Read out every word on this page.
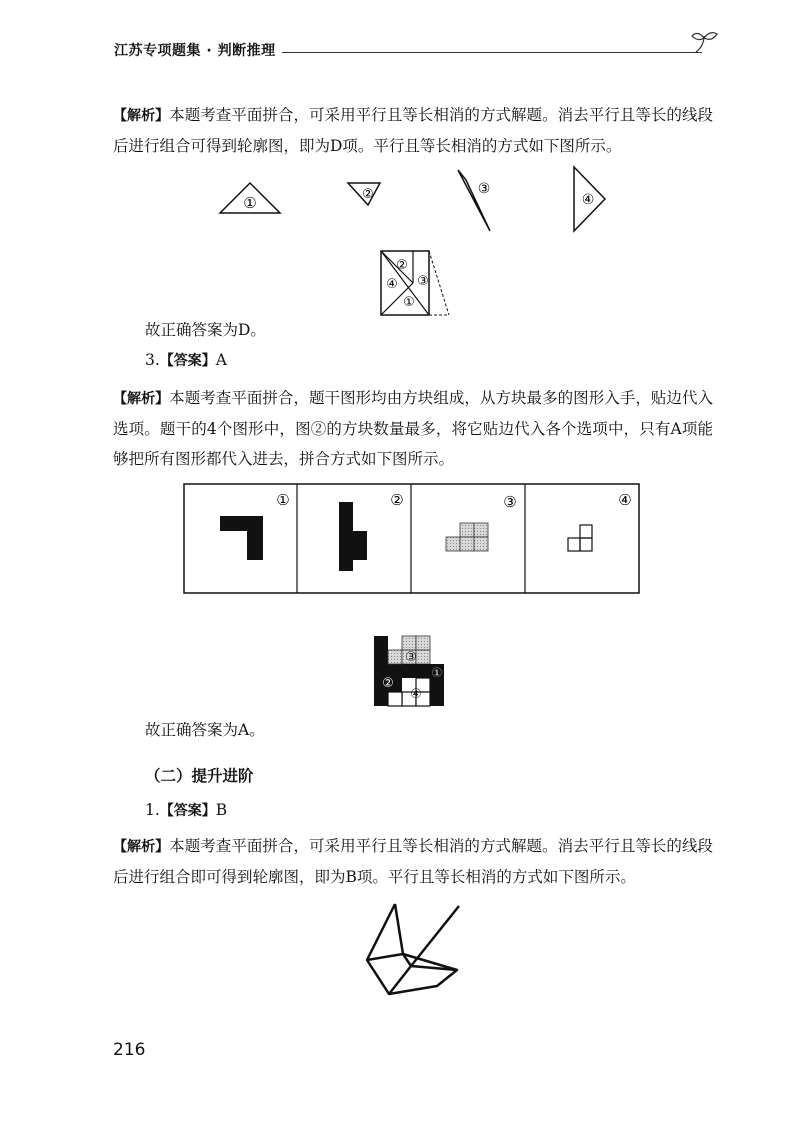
江苏专项题集 · 判断推理

【解析】本题考查平面拼合，可采用平行且等长相消的方式解题。消去平行且等长的线段后进行组合可得到轮廓图，即为D项。平行且等长相消的方式如下图所示。

①	②	③
④
②
③
④
①
故正确答案为D。
3.【答案】A

【解析】本题考查平面拼合，题干图形均由方块组成，从方块最多的图形入手，贴边代入选项。题干的4个图形中，图②的方块数量最多，将它贴边代入各个选项中，只有A项能够把所有图形都代入进去，拼合方式如下图所示。

①	②	③	④
③
①
②
④
故正确答案为A。
（二）提升进阶
1.【答案】B

【解析】本题考查平面拼合，可采用平行且等长相消的方式解题。消去平行且等长的线段后进行组合即可得到轮廓图，即为B项。平行且等长相消的方式如下图所示。

216
